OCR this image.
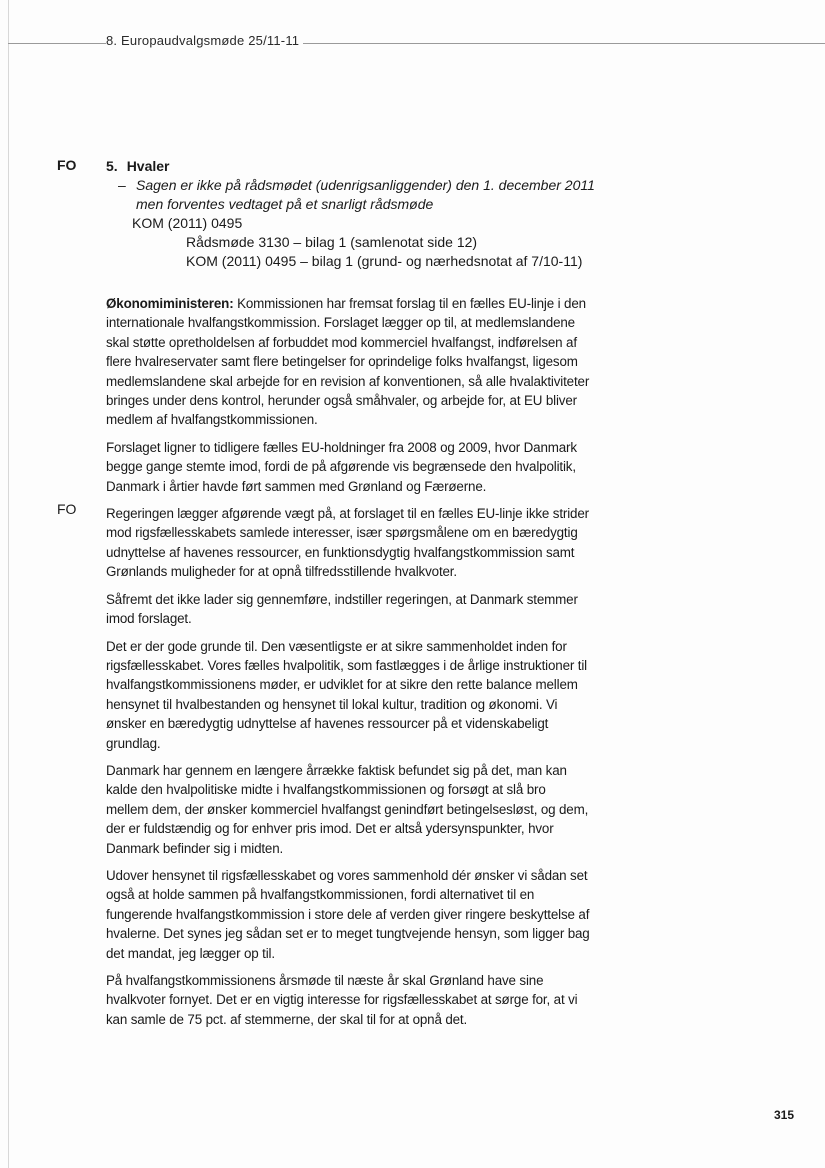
8. Europaudvalgsmøde 25/11-11
FO 5. Hvaler

– Sagen er ikke på rådsmødet (udenrigsanliggender) den 1. december 2011 men forventes vedtaget på et snarligt rådsmøde

KOM (2011) 0495

Rådsmøde 3130 – bilag 1 (samlenotat side 12)

KOM (2011) 0495 – bilag 1 (grund- og nærhedsnotat af 7/10-11)

FO

Økonomiministeren: Kommissionen har fremsat forslag til en fælles EU-linje i den internationale hvalfangstkommission. Forslaget lægger op til, at medlemslandene skal støtte opretholdelsen af forbuddet mod kommerciel hvalfangst, indførelsen af flere hvalreservater samt flere betingelser for oprindelige folks hvalfangst, ligesom medlemslandene skal arbejde for en revision af konventionen, så alle hvalaktiviteter bringes under dens kontrol, herunder også småhvaler, og arbejde for, at EU bliver medlem af hvalfangstkommissionen.

Forslaget ligner to tidligere fælles EU-holdninger fra 2008 og 2009, hvor Danmark begge gange stemte imod, fordi de på afgørende vis begrænsede den hvalpolitik, Danmark i årtier havde ført sammen med Grønland og Færøerne.

Regeringen lægger afgørende vægt på, at forslaget til en fælles EU-linje ikke strider mod rigsfællesskabets samlede interesser, især spørgsmålene om en bæredygtig udnyttelse af havenes ressourcer, en funktionsdygtig hvalfangstkommission samt Grønlands muligheder for at opnå tilfredsstillende hvalkvoter.

Såfremt det ikke lader sig gennemføre, indstiller regeringen, at Danmark stemmer imod forslaget.

Det er der gode grunde til. Den væsentligste er at sikre sammenholdet inden for rigsfællesskabet. Vores fælles hvalpolitik, som fastlægges i de årlige instruktioner til hvalfangstkommissionens møder, er udviklet for at sikre den rette balance mellem hensynet til hvalbestanden og hensynet til lokal kultur, tradition og økonomi. Vi ønsker en bæredygtig udnyttelse af havenes ressourcer på et videnskabeligt grundlag.

Danmark har gennem en længere årrække faktisk befundet sig på det, man kan kalde den hvalpolitiske midte i hvalfangstkommissionen og forsøgt at slå bro mellem dem, der ønsker kommerciel hvalfangst genindført betingelsesløst, og dem, der er fuldstændig og for enhver pris imod. Det er altså ydersynspunkter, hvor Danmark befinder sig i midten.

Udover hensynet til rigsfællesskabet og vores sammenhold dér ønsker vi sådan set også at holde sammen på hvalfangstkommissionen, fordi alternativet til en fungerende hvalfangstkommission i store dele af verden giver ringere beskyttelse af hvalerne. Det synes jeg sådan set er to meget tungtvejende hensyn, som ligger bag det mandat, jeg lægger op til.

På hvalfangstkommissionens årsmøde til næste år skal Grønland have sine hvalkvoter fornyet. Det er en vigtig interesse for rigsfællesskabet at sørge for, at vi kan samle de 75 pct. af stemmerne, der skal til for at opnå det.

315
